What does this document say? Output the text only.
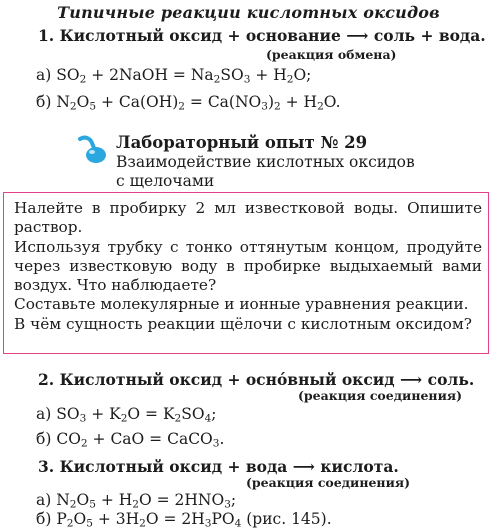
Типичные реакции кислотных оксидов
1. Кислотный оксид + основание ⟶ соль + вода.
(реакция обмена)
а) $SO_2$ + 2NaOH = $Na_2SO_3 + H_2O$;
б) $N_2O_5 + Ca(OH)_2 = Ca(NO_3)_2 + H_2O$.
Лабораторный опыт № 29
Взаимодействие кислотных оксидов
с щелочами

Налейте в пробирку 2 мл известковой воды. Опишите раствор.

Используя трубку с тонко оттянутым концом, продуйте через известковую воду в пробирке выдыхаемый вами воздух. Что наблюдаете?

Составьте молекулярные и ионные уравнения реакции.

В чём сущность реакции щёлочи с кислотным оксидом?

2. Кислотный оксид + осно́вный оксид ⟶ соль.
(реакция соединения)
а) $SO_3 + K_2O = K_2SO_4$;
б) $CO_2$ + CaO = CaCO$_3$.
3. Кислотный оксид + вода ⟶ кислота.
(реакция соединения)
а) $N_2O_5 + H_2O = 2HNO_3$;
б) $P_2O_5 + 3H_2O = 2H_3PO_4$ (рис. 145).
